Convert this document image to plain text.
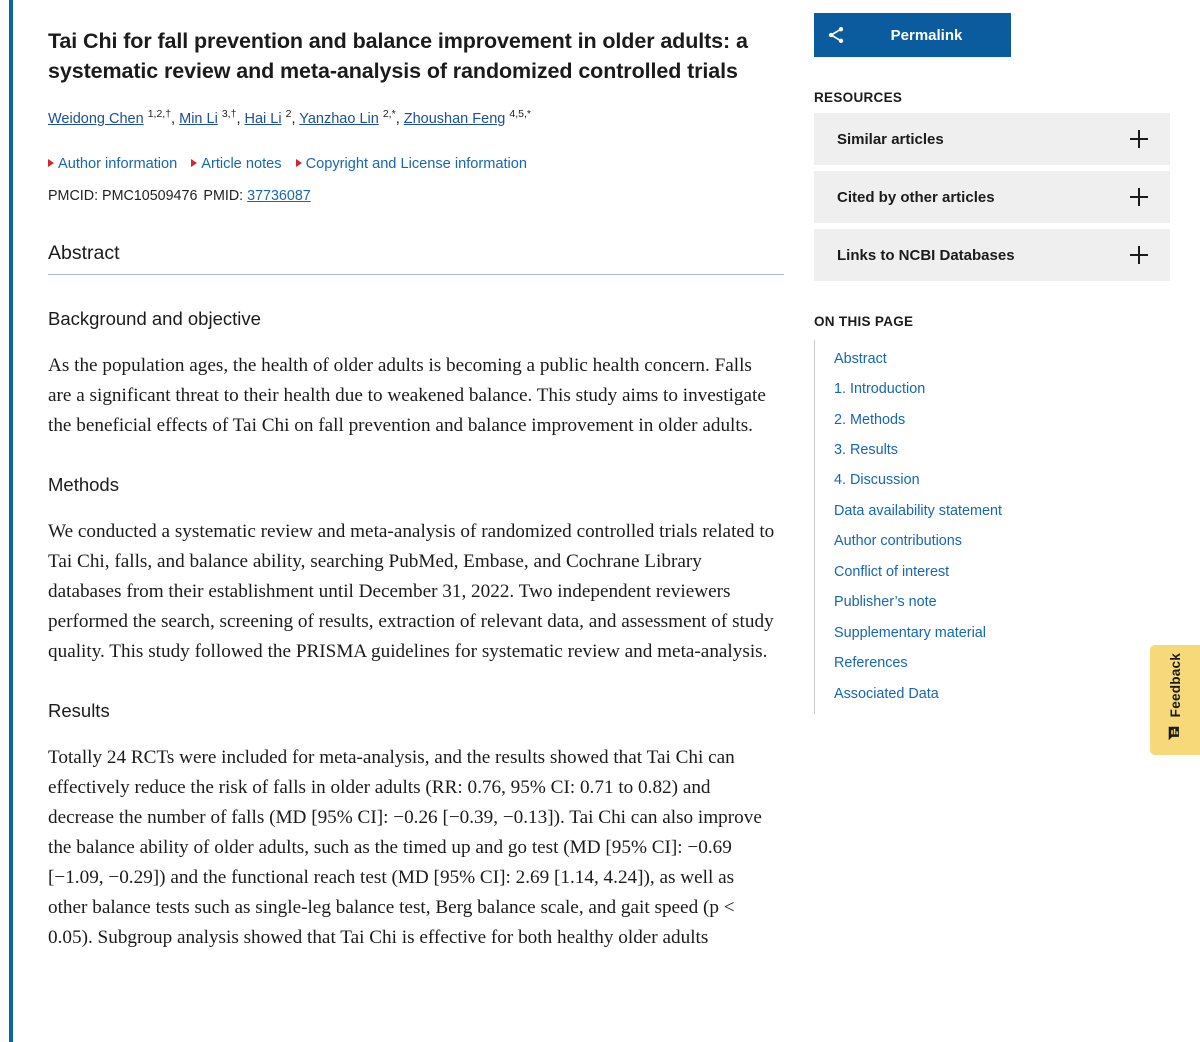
Tai Chi for fall prevention and balance improvement in older adults: a systematic review and meta-analysis of randomized controlled trials
Weidong Chen $^{1,2,\dagger}$, Min Li $^{3,\dagger}$, Hai Li $^2$, Yanzhao Lin $^{2,*}$, Zhoushan Feng $^{4,5,*}$
Author information Article notes Copyright and License information
PMCID: PMC10509476 PMID: 37736087
Abstract
Background and objective

As the population ages, the health of older adults is becoming a public health concern. Falls are a significant threat to their health due to weakened balance. This study aims to investigate the beneficial effects of Tai Chi on fall prevention and balance improvement in older adults.

Methods

We conducted a systematic review and meta-analysis of randomized controlled trials related to Tai Chi, falls, and balance ability, searching PubMed, Embase, and Cochrane Library databases from their establishment until December 31, 2022. Two independent reviewers performed the search, screening of results, extraction of relevant data, and assessment of study quality. This study followed the PRISMA guidelines for systematic review and meta-analysis.

Results

Totally 24 RCTs were included for meta-analysis, and the results showed that Tai Chi can effectively reduce the risk of falls in older adults (RR: 0.76, 95% CI: 0.71 to 0.82) and decrease the number of falls (MD [95% CI]: −0.26 [−0.39, −0.13]). Tai Chi can also improve the balance ability of older adults, such as the timed up and go test (MD [95% CI]: −0.69 [−1.09, −0.29]) and the functional reach test (MD [95% CI]: 2.69 [1.14, 4.24]), as well as other balance tests such as single-leg balance test, Berg balance scale, and gait speed (p < 0.05). Subgroup analysis showed that Tai Chi is effective for both healthy older adults

Permalink
RESOURCES
Similar articles
Cited by other articles
Links to NCBI Databases
ON THIS PAGE
Abstract
1. Introduction
2. Methods
3. Results
4. Discussion
Data availability statement
Author contributions
Conflict of interest
Publisher’s note
Supplementary material
References
Associated Data	Feedback
